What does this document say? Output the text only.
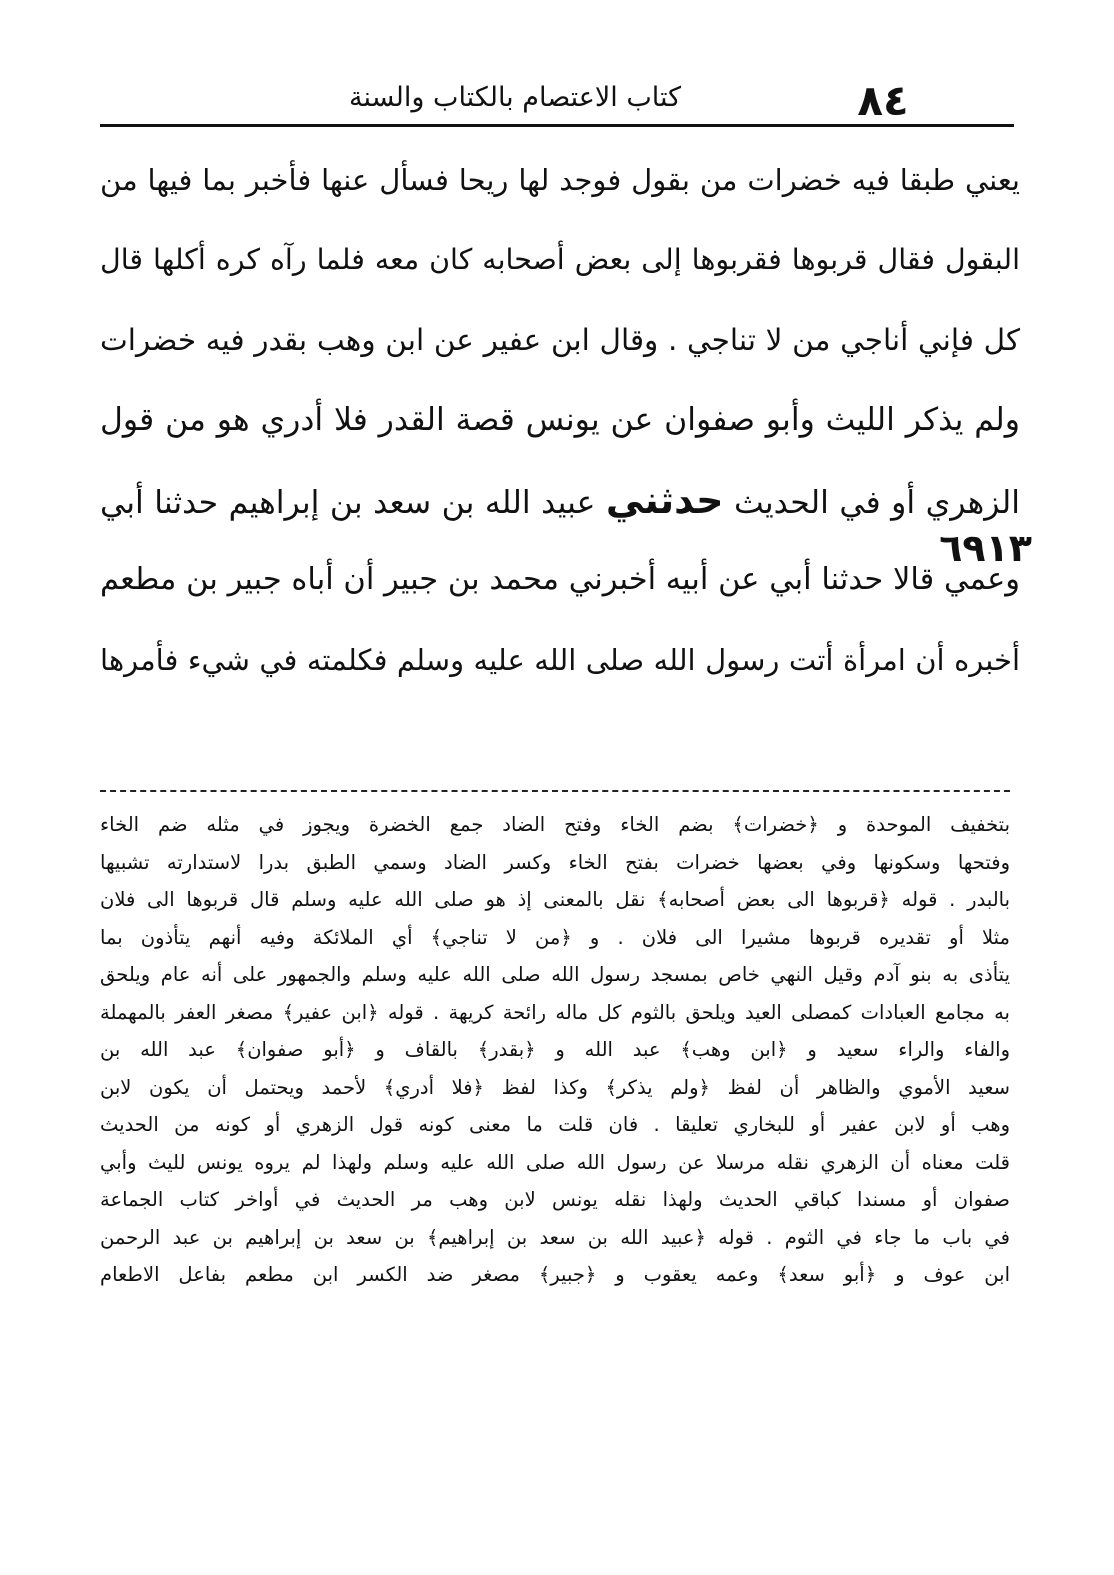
٨٤
كتاب الاعتصام بالكتاب والسنة
٦٩١٣
يعني طبقا فيه خضرات من بقول فوجد لها ريحا فسأل عنها فأخبر بما فيها من
البقول فقال قربوها فقربوها إلى بعض أصحابه كان معه فلما رآه كره أكلها قال
كل فإني أناجي من لا تناجي . وقال ابن عفير عن ابن وهب بقدر فيه خضرات
ولم يذكر الليث وأبو صفوان عن يونس قصة القدر فلا أدري هو من قول
الزهري أو في الحديث حدثني عبيد الله بن سعد بن إبراهيم حدثنا أبي
وعمي قالا حدثنا أبي عن أبيه أخبرني محمد بن جبير أن أباه جبير بن مطعم
أخبره أن امرأة أتت رسول الله صلى الله عليه وسلم فكلمته في شيء فأمرها
بتخفيف الموحدة و ﴿خضرات﴾ بضم الخاء وفتح الضاد جمع الخضرة ويجوز في مثله ضم الخاء
وفتحها وسكونها وفي بعضها خضرات بفتح الخاء وكسر الضاد وسمي الطبق بدرا لاستدارته تشبيها
بالبدر . قوله ﴿قربوها الى بعض أصحابه﴾ نقل بالمعنى إذ هو صلى الله عليه وسلم قال قربوها الى فلان
مثلا أو تقديره قربوها مشيرا الى فلان . و ﴿من لا تناجي﴾ أي الملائكة وفيه أنهم يتأذون بما
يتأذى به بنو آدم وقيل النهي خاص بمسجد رسول الله صلى الله عليه وسلم والجمهور على أنه عام ويلحق
به مجامع العبادات كمصلى العيد ويلحق بالثوم كل ماله رائحة كريهة . قوله ﴿ابن عفير﴾ مصغر العفر بالمهملة
والفاء والراء سعيد و ﴿ابن وهب﴾ عبد الله و ﴿بقدر﴾ بالقاف و ﴿أبو صفوان﴾ عبد الله بن
سعيد الأموي والظاهر أن لفظ ﴿ولم يذكر﴾ وكذا لفظ ﴿فلا أدري﴾ لأحمد ويحتمل أن يكون لابن
وهب أو لابن عفير أو للبخاري تعليقا . فان قلت ما معنى كونه قول الزهري أو كونه من الحديث
قلت معناه أن الزهري نقله مرسلا عن رسول الله صلى الله عليه وسلم ولهذا لم يروه يونس لليث وأبي
صفوان أو مسندا كباقي الحديث ولهذا نقله يونس لابن وهب مر الحديث في أواخر كتاب الجماعة
في باب ما جاء في الثوم . قوله ﴿عبيد الله بن سعد بن إبراهيم﴾ بن سعد بن إبراهيم بن عبد الرحمن
ابن عوف و ﴿أبو سعد﴾ وعمه يعقوب و ﴿جبير﴾ مصغر ضد الكسر ابن مطعم بفاعل الاطعام
